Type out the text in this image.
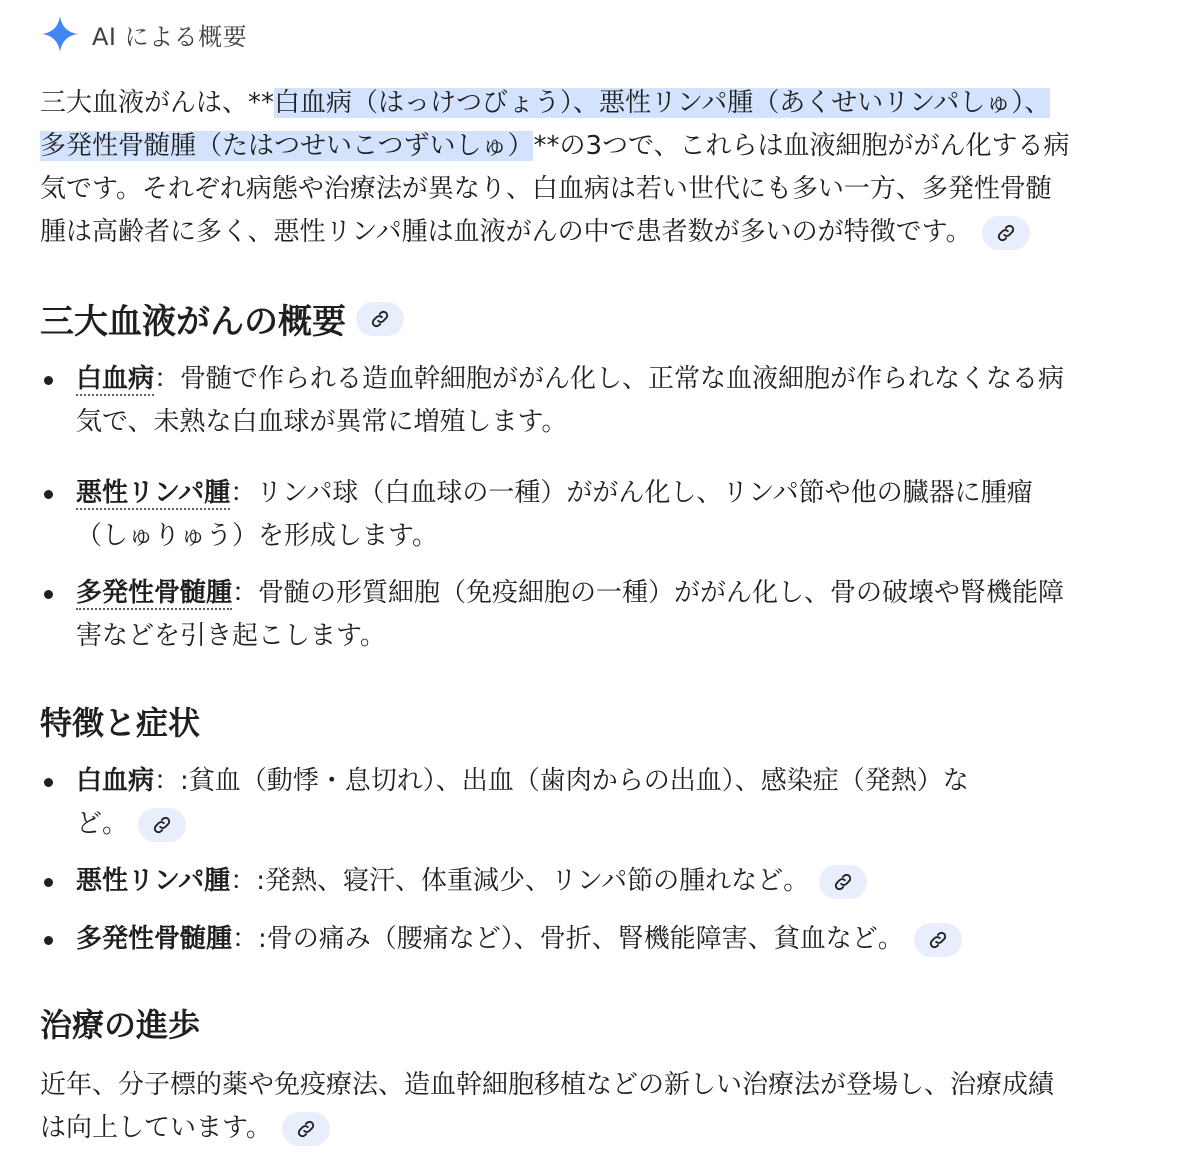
AI による概要
三大血液がんは、**白血病（はっけつびょう）、悪性リンパ腫（あくせいリンパしゅ）、
多発性骨髄腫（たはつせいこつずいしゅ）**の3つで、これらは血液細胞ががん化する病
気です。それぞれ病態や治療法が異なり、白血病は若い世代にも多い一方、多発性骨髄
腫は高齢者に多く、悪性リンパ腫は血液がんの中で患者数が多いのが特徴です。
三大血液がんの概要
白血病：骨髄で作られる造血幹細胞ががん化し、正常な血液細胞が作られなくなる病
気で、未熟な白血球が異常に増殖します。
悪性リンパ腫：リンパ球（白血球の一種）ががん化し、リンパ節や他の臓器に腫瘤
（しゅりゅう）を形成します。
多発性骨髄腫：骨髄の形質細胞（免疫細胞の一種）ががん化し、骨の破壊や腎機能障
害などを引き起こします。
特徴と症状
白血病：:貧血（動悸・息切れ）、出血（歯肉からの出血）、感染症（発熱）な
ど。
悪性リンパ腫：:発熱、寝汗、体重減少、リンパ節の腫れなど。
多発性骨髄腫：:骨の痛み（腰痛など）、骨折、腎機能障害、貧血など。
治療の進歩
近年、分子標的薬や免疫療法、造血幹細胞移植などの新しい治療法が登場し、治療成績
は向上しています。
